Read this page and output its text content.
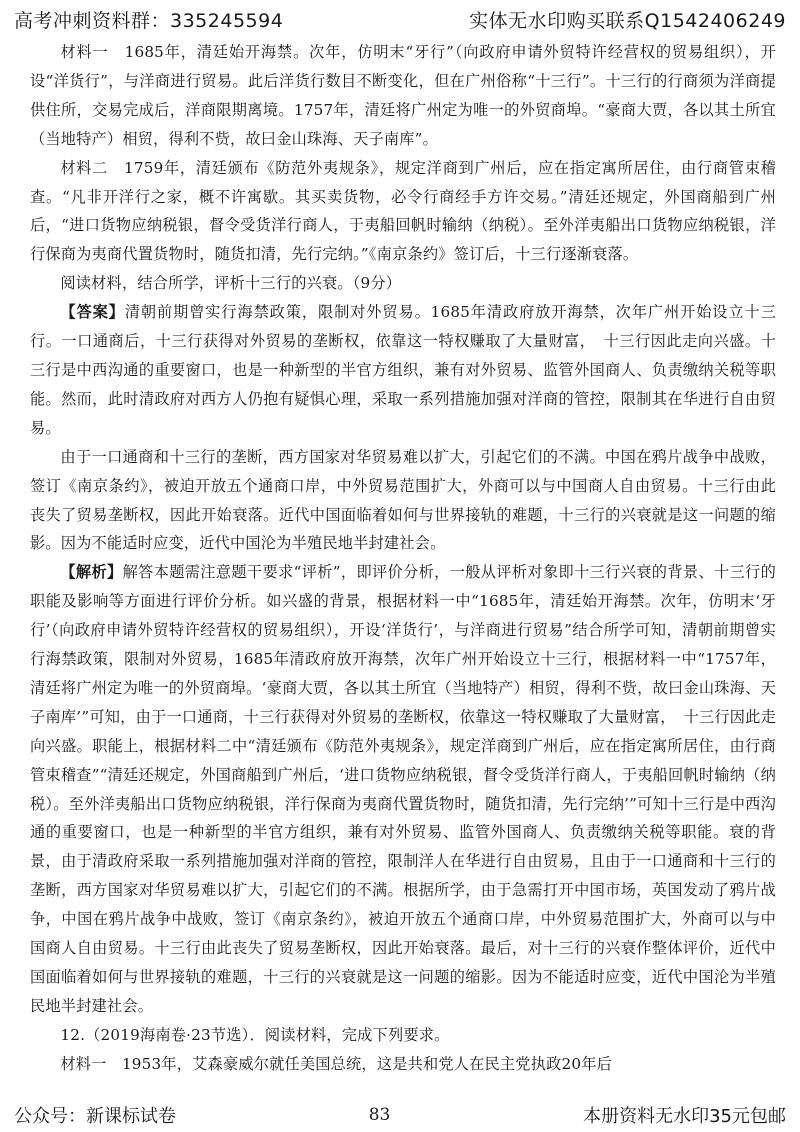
高考冲刺资料群：335245594	实体无水印购买联系Q1542406249

材料一　1685年，清廷始开海禁。次年，仿明末“牙行”（向政府申请外贸特许经营权的贸易组织），开设“洋货行”，与洋商进行贸易。此后洋货行数目不断变化，但在广州俗称“十三行”。十三行的行商须为洋商提供住所，交易完成后，洋商限期离境。1757年，清廷将广州定为唯一的外贸商埠。“豪商大贾，各以其土所宜（当地特产）相贸，得利不赀，故曰金山珠海、天子南库”。

材料二　1759年，清廷颁布《防范外夷规条》，规定洋商到广州后，应在指定寓所居住，由行商管束稽查。“凡非开洋行之家，概不许寓歇。其买卖货物，必令行商经手方许交易。”清廷还规定，外国商船到广州后，“进口货物应纳税银，督令受货洋行商人，于夷船回帆时输纳（纳税）。至外洋夷船出口货物应纳税银，洋行保商为夷商代置货物时，随货扣清，先行完纳。”《南京条约》签订后，十三行逐渐衰落。

阅读材料，结合所学，评析十三行的兴衰。（9分）

【答案】清朝前期曾实行海禁政策，限制对外贸易。1685年清政府放开海禁，次年广州开始设立十三行。一口通商后，十三行获得对外贸易的垄断权，依靠这一特权赚取了大量财富，　十三行因此走向兴盛。十三行是中西沟通的重要窗口，也是一种新型的半官方组织，兼有对外贸易、监管外国商人、负责缴纳关税等职能。然而，此时清政府对西方人仍抱有疑惧心理，采取一系列措施加强对洋商的管控，限制其在华进行自由贸易。

由于一口通商和十三行的垄断，西方国家对华贸易难以扩大，引起它们的不满。中国在鸦片战争中战败，签订《南京条约》，被迫开放五个通商口岸，中外贸易范围扩大，外商可以与中国商人自由贸易。十三行由此丧失了贸易垄断权，因此开始衰落。近代中国面临着如何与世界接轨的难题，十三行的兴衰就是这一问题的缩影。因为不能适时应变，近代中国沦为半殖民地半封建社会。

【解析】解答本题需注意题干要求“评析”，即评价分析，一般从评析对象即十三行兴衰的背景、十三行的职能及影响等方面进行评价分析。如兴盛的背景，根据材料一中“1685年，清廷始开海禁。次年，仿明末‘牙行’（向政府申请外贸特许经营权的贸易组织），开设‘洋货行’，与洋商进行贸易”结合所学可知，清朝前期曾实行海禁政策，限制对外贸易，1685年清政府放开海禁，次年广州开始设立十三行，根据材料一中“1757年，清廷将广州定为唯一的外贸商埠。‘豪商大贾，各以其土所宜（当地特产）相贸，得利不赀，故曰金山珠海、天子南库’”可知，由于一口通商，十三行获得对外贸易的垄断权，依靠这一特权赚取了大量财富，　十三行因此走向兴盛。职能上，根据材料二中“清廷颁布《防范外夷规条》，规定洋商到广州后，应在指定寓所居住，由行商管束稽查”“清廷还规定，外国商船到广州后，‘进口货物应纳税银，督令受货洋行商人，于夷船回帆时输纳（纳税）。至外洋夷船出口货物应纳税银，洋行保商为夷商代置货物时，随货扣清，先行完纳’”可知十三行是中西沟通的重要窗口，也是一种新型的半官方组织，兼有对外贸易、监管外国商人、负责缴纳关税等职能。衰的背景，由于清政府采取一系列措施加强对洋商的管控，限制洋人在华进行自由贸易，且由于一口通商和十三行的垄断，西方国家对华贸易难以扩大，引起它们的不满。根据所学，由于急需打开中国市场，英国发动了鸦片战争，中国在鸦片战争中战败，签订《南京条约》，被迫开放五个通商口岸，中外贸易范围扩大，外商可以与中国商人自由贸易。十三行由此丧失了贸易垄断权，因此开始衰落。最后，对十三行的兴衰作整体评价，近代中国面临着如何与世界接轨的难题，十三行的兴衰就是这一问题的缩影。因为不能适时应变，近代中国沦为半殖民地半封建社会。

12.（2019海南卷·23节选）．阅读材料，完成下列要求。

材料一　1953年，艾森豪威尔就任美国总统，这是共和党人在民主党执政20年后

公众号：新课标试卷	83	本册资料无水印35元包邮
